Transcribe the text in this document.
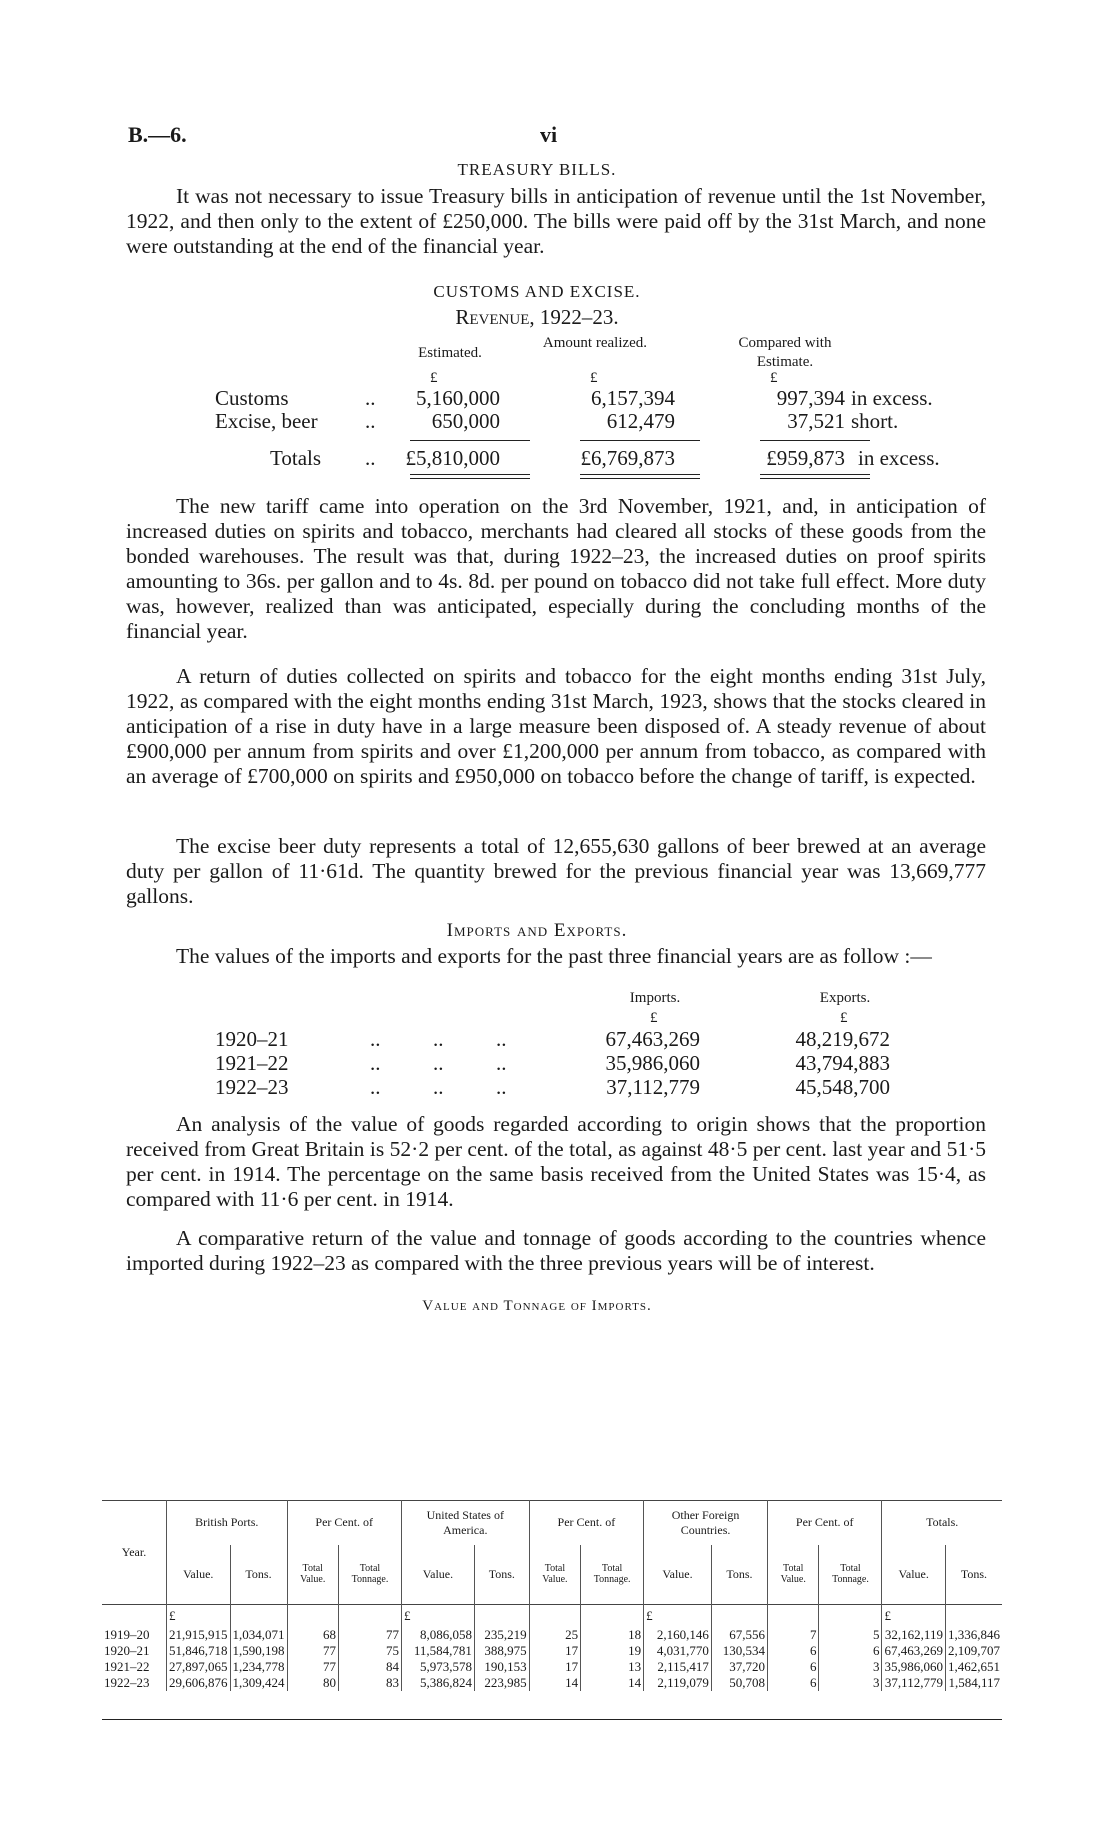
B.—6.	vi
TREASURY BILLS.
It was not necessary to issue Treasury bills in anticipation of revenue until the 1st November, 1922, and then only to the extent of £250,000. The bills were paid off by the 31st March, and none were outstanding at the end of the financial year.
CUSTOMS AND EXCISE.
Revenue, 1922–23.
Estimated.
Amount realized.	Compared with Estimate.
£	£	£
Customs	..	5,160,000	6,157,394	997,394 in excess.
Excise, beer ..	650,000	612,479	37,521 short.
Totals ..	£5,810,000	£6,769,873	£959,873 in excess.
The new tariff came into operation on the 3rd November, 1921, and, in anticipation of increased duties on spirits and tobacco, merchants had cleared all stocks of these goods from the bonded warehouses. The result was that, during 1922–23, the increased duties on proof spirits amounting to 36s. per gallon and to 4s. 8d. per pound on tobacco did not take full effect. More duty was, however, realized than was anticipated, especially during the concluding months of the financial year.
A return of duties collected on spirits and tobacco for the eight months ending 31st July, 1922, as compared with the eight months ending 31st March, 1923, shows that the stocks cleared in anticipation of a rise in duty have in a large measure been disposed of. A steady revenue of about £900,000 per annum from spirits and over £1,200,000 per annum from tobacco, as compared with an average of £700,000 on spirits and £950,000 on tobacco before the change of tariff, is expected.
The excise beer duty represents a total of 12,655,630 gallons of beer brewed at an average duty per gallon of 11·61d. The quantity brewed for the previous financial year was 13,669,777 gallons.
Imports and Exports.
The values of the imports and exports for the past three financial years are as follow :—
Imports.	Exports.
£	£
1920–21	..          ..          ..	67,463,269	48,219,672
1921–22	..          ..          ..	35,986,060	43,794,883
1922–23	..          ..          ..	37,112,779	45,548,700
An analysis of the value of goods regarded according to origin shows that the proportion received from Great Britain is 52·2 per cent. of the total, as against 48·5 per cent. last year and 51·5 per cent. in 1914. The percentage on the same basis received from the United States was 15·4, as compared with 11·6 per cent. in 1914.
A comparative return of the value and tonnage of goods according to the countries whence imported during 1922–23 as compared with the three previous years will be of interest.
Value and Tonnage of Imports.
Year.	British Ports.		Per Cent. of		United States of America.		Per Cent. of		Other Foreign Countries.		Per Cent. of		Totals.	
	Value.	Tons.	Total Value.	Total Tonnage.	Value.	Tons.	Total Value.	Total Tonnage.	Value.	Tons.	Total Value.	Total Tonnage.	Value.	Tons.
	£				£				£				£	
1919–20	21,915,915	1,034,071	68	77	8,086,058	235,219	25	18	2,160,146	67,556	7	5	32,162,119	1,336,846
1920–21	51,846,718	1,590,198	77	75	11,584,781	388,975	17	19	4,031,770	130,534	6	6	67,463,269	2,109,707
1921–22	27,897,065	1,234,778	77	84	5,973,578	190,153	17	13	2,115,417	37,720	6	3	35,986,060	1,462,651
1922–23	29,606,876	1,309,424	80	83	5,386,824	223,985	14	14	2,119,079	50,708	6	3	37,112,779	1,584,117
